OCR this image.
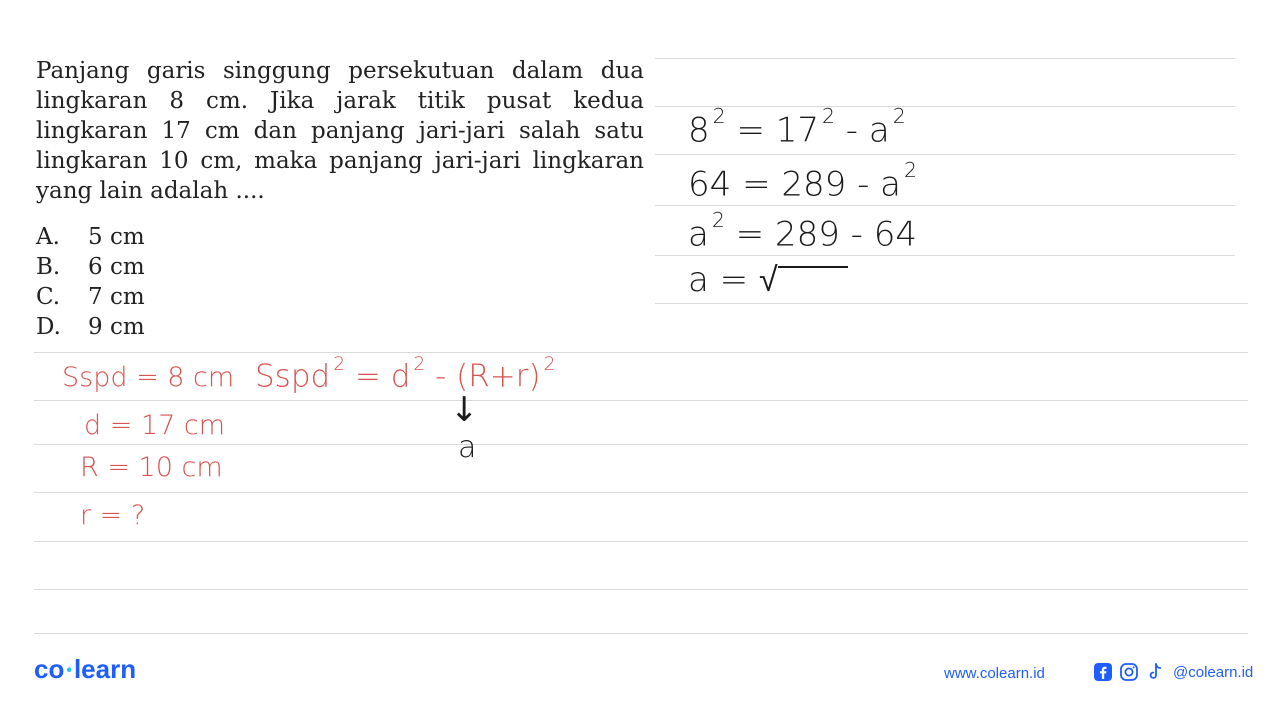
Panjang garis singgung persekutuan dalam dua lingkaran 8 cm. Jika jarak titik pusat kedua lingkaran 17 cm dan panjang jari-jari salah satu lingkaran 10 cm, maka panjang jari-jari lingkaran yang lain adalah ....

A.	5 cm
B.	6 cm
C.	7 cm
D.	9 cm
8 $^2$ = 17 $^2$ - a $^2$
64 = 289 - a $^2$
a $^2$ = 289 - 64
a = √
Sspd = 8 cm
d = 17 cm
R = 10 cm
r = ?
Sspd $^2$ = d $^2$ - (R+r) $^2$
↓
a
co •learn	www.colearn.id	@colearn.id
